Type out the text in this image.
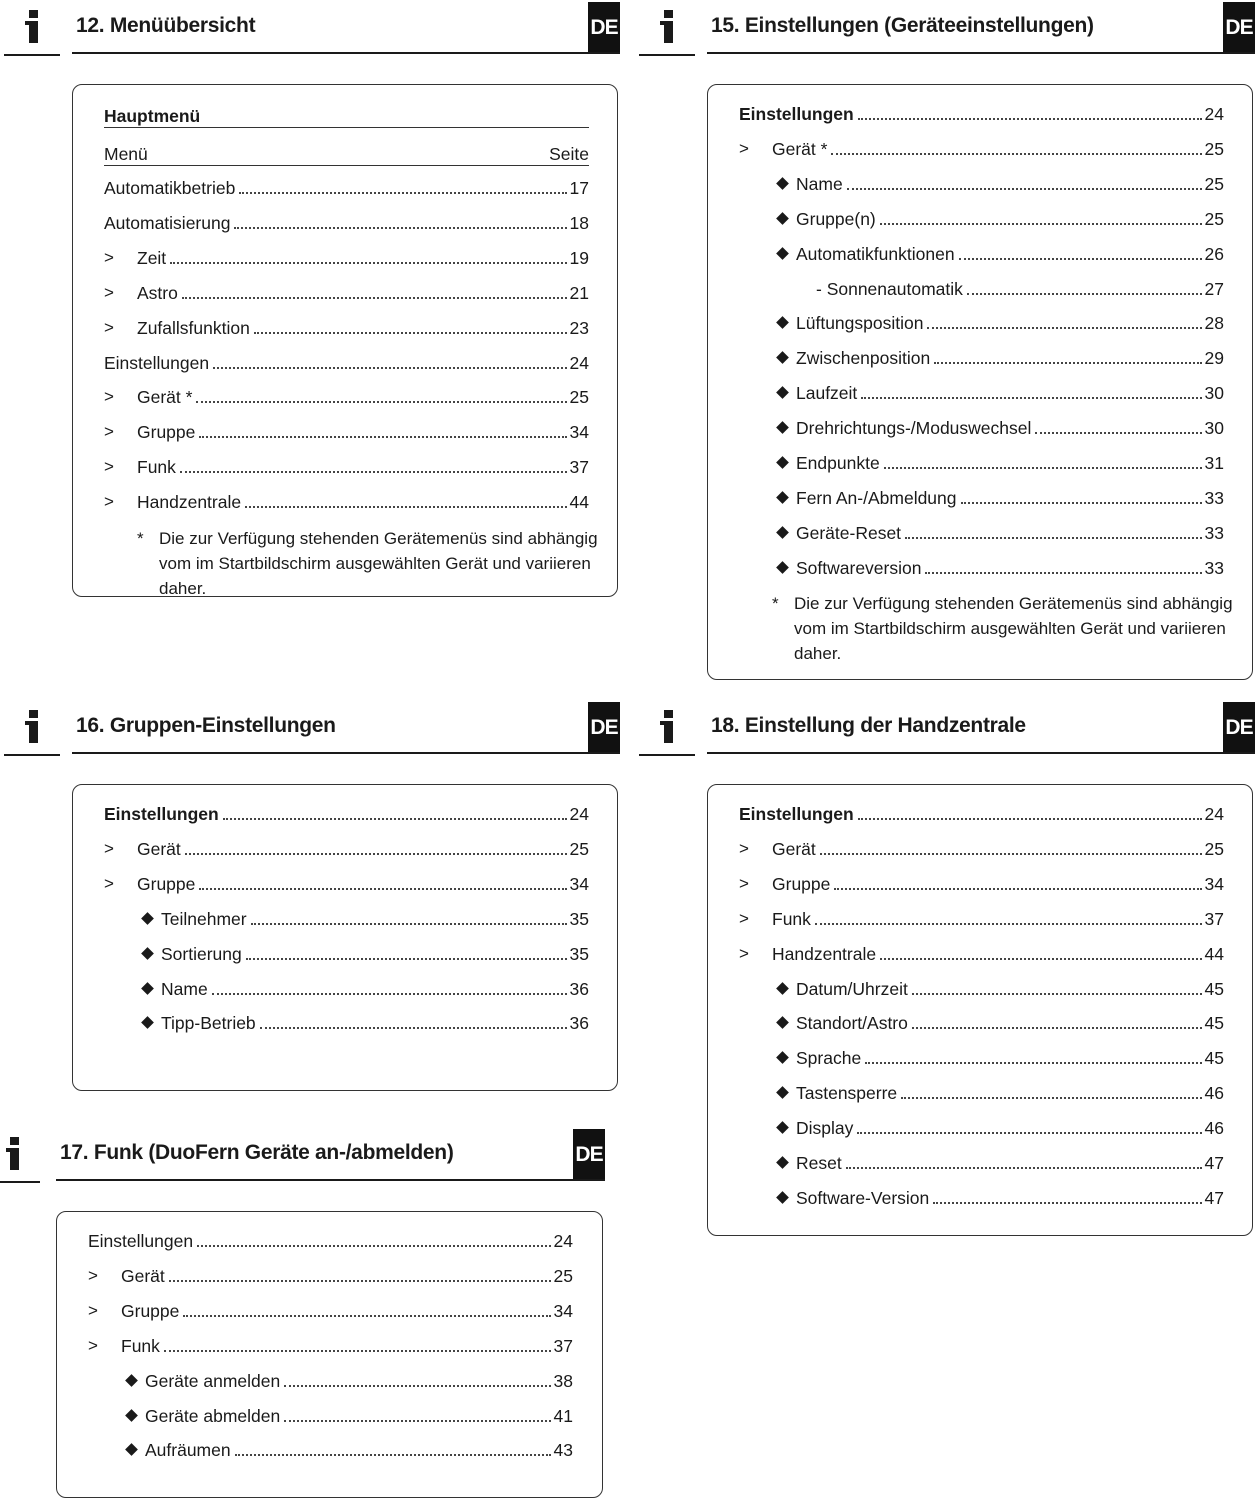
12. Menüübersicht	DE
Hauptmenü
Menü	Seite
* Die zur Verfügung stehenden Gerätemenüs sind abhängig vom im Startbildschirm ausgewählten Gerät und variieren daher.
Automatikbetrieb	17
Automatisierung	18
> Zeit	19
> Astro	21
> Zufallsfunktion	23
Einstellungen	24
> Gerät *	25
> Gruppe	34
> Funk	37
> Handzentrale	44
15. Einstellungen (Geräteeinstellungen)	DE
* Die zur Verfügung stehenden Gerätemenüs sind abhängig vom im Startbildschirm ausgewählten Gerät und variieren daher.
Einstellungen	24
> Gerät *	25
Name	25
Gruppe(n)	25
Automatikfunktionen	26
- Sonnenautomatik	27
Lüftungsposition	28
Zwischenposition	29
Laufzeit	30
Drehrichtungs-/Moduswechsel	30
Endpunkte	31
Fern An-/Abmeldung	33
Geräte-Reset	33
Softwareversion	33
16. Gruppen-Einstellungen	DE
Einstellungen	24
> Gerät	25
> Gruppe	34
Teilnehmer	35
Sortierung	35
Name	36
Tipp-Betrieb	36
17. Funk (DuoFern Geräte an-/abmelden)	DE
Einstellungen	24
> Gerät	25
> Gruppe	34
> Funk	37
Geräte anmelden	38
Geräte abmelden	41
Aufräumen	43
18. Einstellung der Handzentrale	DE
Einstellungen	24
> Gerät	25
> Gruppe	34
> Funk	37
> Handzentrale	44
Datum/Uhrzeit	45
Standort/Astro	45
Sprache	45
Tastensperre	46
Display	46
Reset	47
Software-Version	47
